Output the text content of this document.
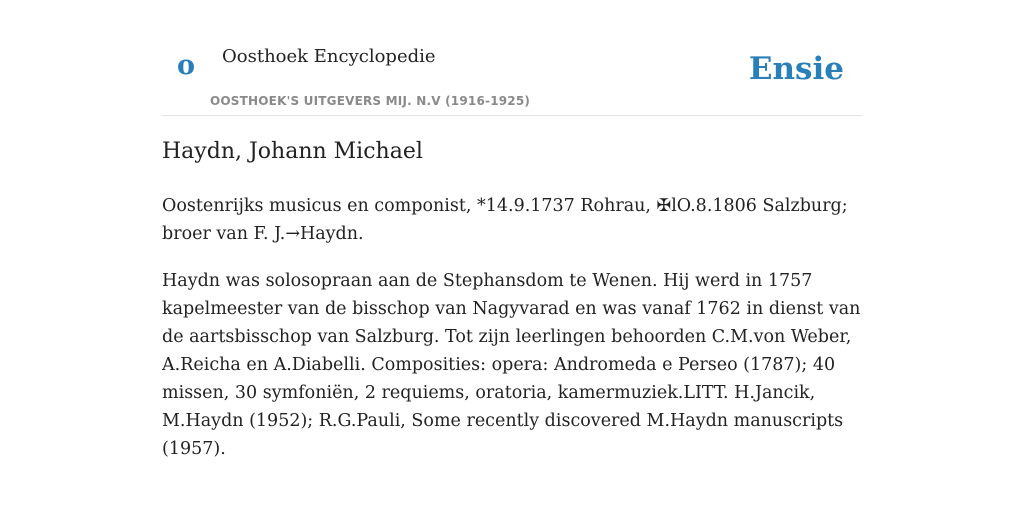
o Oosthoek Encyclopedie
OOSTHOEK'S UITGEVERS MIJ. N.V (1916-1925)
Ensie
Haydn, Johann Michael

Oostenrijks musicus en componist, *14.9.1737 Rohrau, ✠lO.8.1806 Salzburg; broer van F. J.→Haydn.

Haydn was solosopraan aan de Stephansdom te Wenen. Hij werd in 1757 kapelmeester van de bisschop van Nagyvarad en was vanaf 1762 in dienst van de aartsbisschop van Salzburg. Tot zijn leerlingen behoorden C.M.von Weber, A.Reicha en A.Diabelli. Composities: opera: Andromeda e Perseo (1787); 40 missen, 30 symfoniën, 2 requiems, oratoria, kamermuziek.LITT. H.Jancik, M.Haydn (1952); R.G.Pauli, Some recently discovered M.Haydn manuscripts (1957).
